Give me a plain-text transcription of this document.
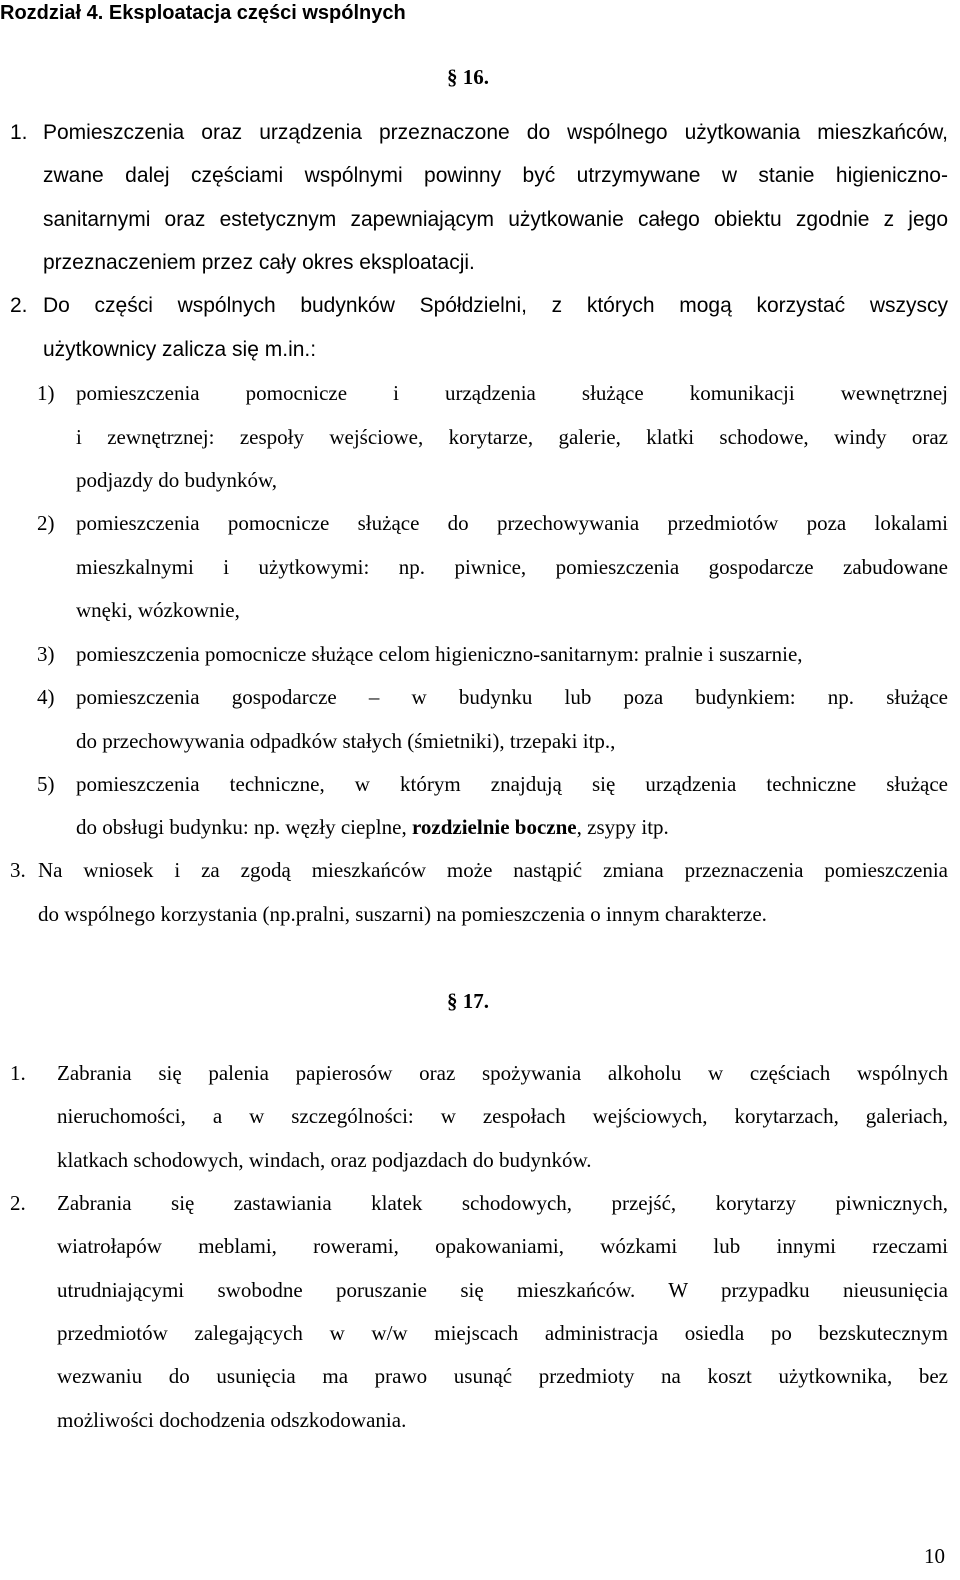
Rozdział 4. Eksploatacja części wspólnych
§ 16.
1. Pomieszczenia oraz urządzenia przeznaczone do wspólnego użytkowania mieszkańców,
zwane dalej częściami wspólnymi powinny być utrzymywane w stanie higieniczno-
sanitarnymi oraz estetycznym zapewniającym użytkowanie całego obiektu zgodnie z jego
przeznaczeniem przez cały okres eksploatacji.
2. Do części wspólnych budynków Spółdzielni, z których mogą korzystać wszyscy
użytkownicy zalicza się m.in.:
1) pomieszczenia pomocnicze i urządzenia służące komunikacji wewnętrznej
i zewnętrznej: zespoły wejściowe, korytarze, galerie, klatki schodowe, windy oraz
podjazdy do budynków,
2) pomieszczenia pomocnicze służące do przechowywania przedmiotów poza lokalami
mieszkalnymi i użytkowymi: np. piwnice, pomieszczenia gospodarcze zabudowane
wnęki, wózkownie,
3) pomieszczenia pomocnicze służące celom higieniczno-sanitarnym: pralnie i suszarnie,
4) pomieszczenia gospodarcze – w budynku lub poza budynkiem: np. służące
do przechowywania odpadków stałych (śmietniki), trzepaki itp.,
5) pomieszczenia techniczne, w którym znajdują się urządzenia techniczne służące
do obsługi budynku: np. węzły cieplne, rozdzielnie boczne, zsypy itp.
3. Na wniosek i za zgodą mieszkańców może nastąpić zmiana przeznaczenia pomieszczenia
do wspólnego korzystania (np.pralni, suszarni) na pomieszczenia o innym charakterze.
§ 17.
1. Zabrania się palenia papierosów oraz spożywania alkoholu w częściach wspólnych
nieruchomości, a w szczególności: w zespołach wejściowych, korytarzach, galeriach,
klatkach schodowych, windach, oraz podjazdach do budynków.
2. Zabrania się zastawiania klatek schodowych, przejść, korytarzy piwnicznych,
wiatrołapów meblami, rowerami, opakowaniami, wózkami lub innymi rzeczami
utrudniającymi swobodne poruszanie się mieszkańców. W przypadku nieusunięcia
przedmiotów zalegających w w/w miejscach administracja osiedla po bezskutecznym
wezwaniu do usunięcia ma prawo usunąć przedmioty na koszt użytkownika, bez
możliwości dochodzenia odszkodowania.
10
